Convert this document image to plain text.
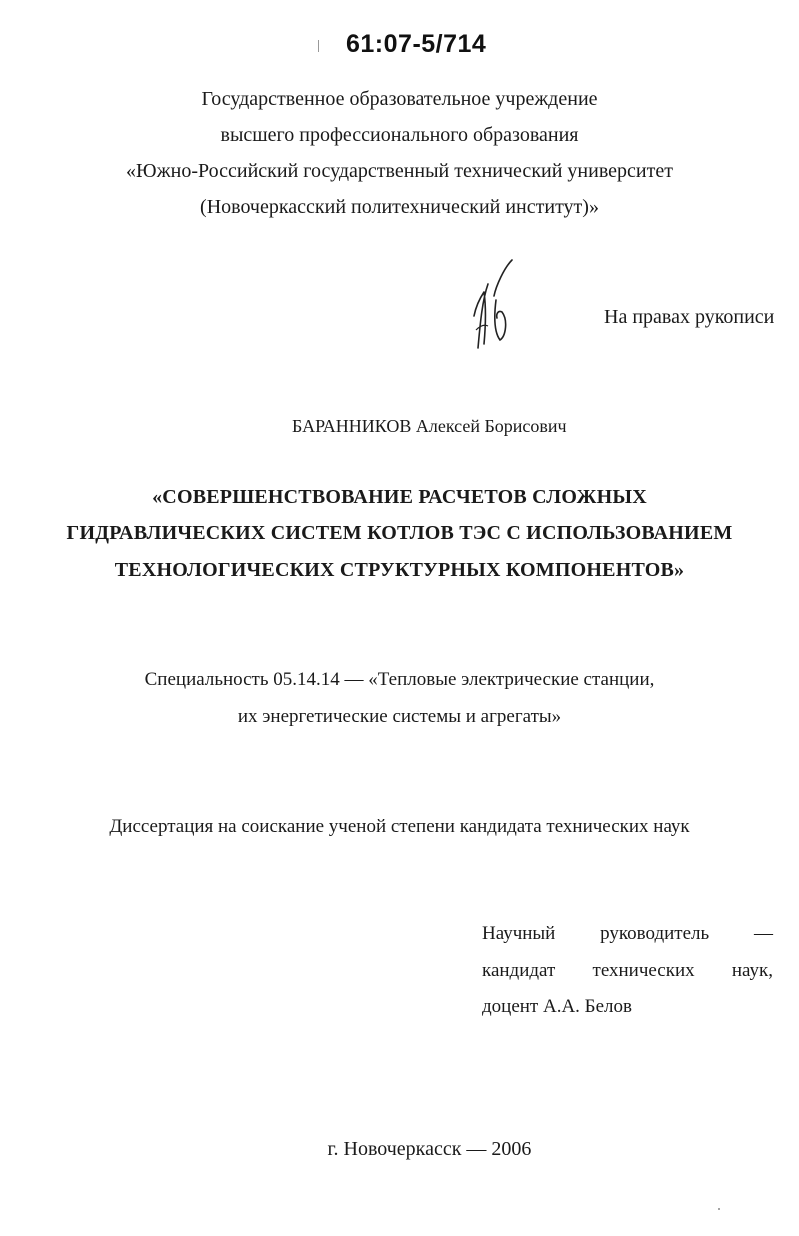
61:07-5/714
Государственное образовательное учреждение
высшего профессионального образования
«Южно-Российский государственный технический университет
(Новочеркасский политехнический институт)»
На правах рукописи
БАРАННИКОВ Алексей Борисович
«СОВЕРШЕНСТВОВАНИЕ РАСЧЕТОВ СЛОЖНЫХ
ГИДРАВЛИЧЕСКИХ СИСТЕМ КОТЛОВ ТЭС С ИСПОЛЬЗОВАНИЕМ
ТЕХНОЛОГИЧЕСКИХ СТРУКТУРНЫХ КОМПОНЕНТОВ»
Специальность 05.14.14 — «Тепловые электрические станции,
их энергетические системы и агрегаты»
Диссертация на соискание ученой степени кандидата технических наук
Научный руководитель —
кандидат технических наук,
доцент А.А. Белов
г. Новочеркасск — 2006
